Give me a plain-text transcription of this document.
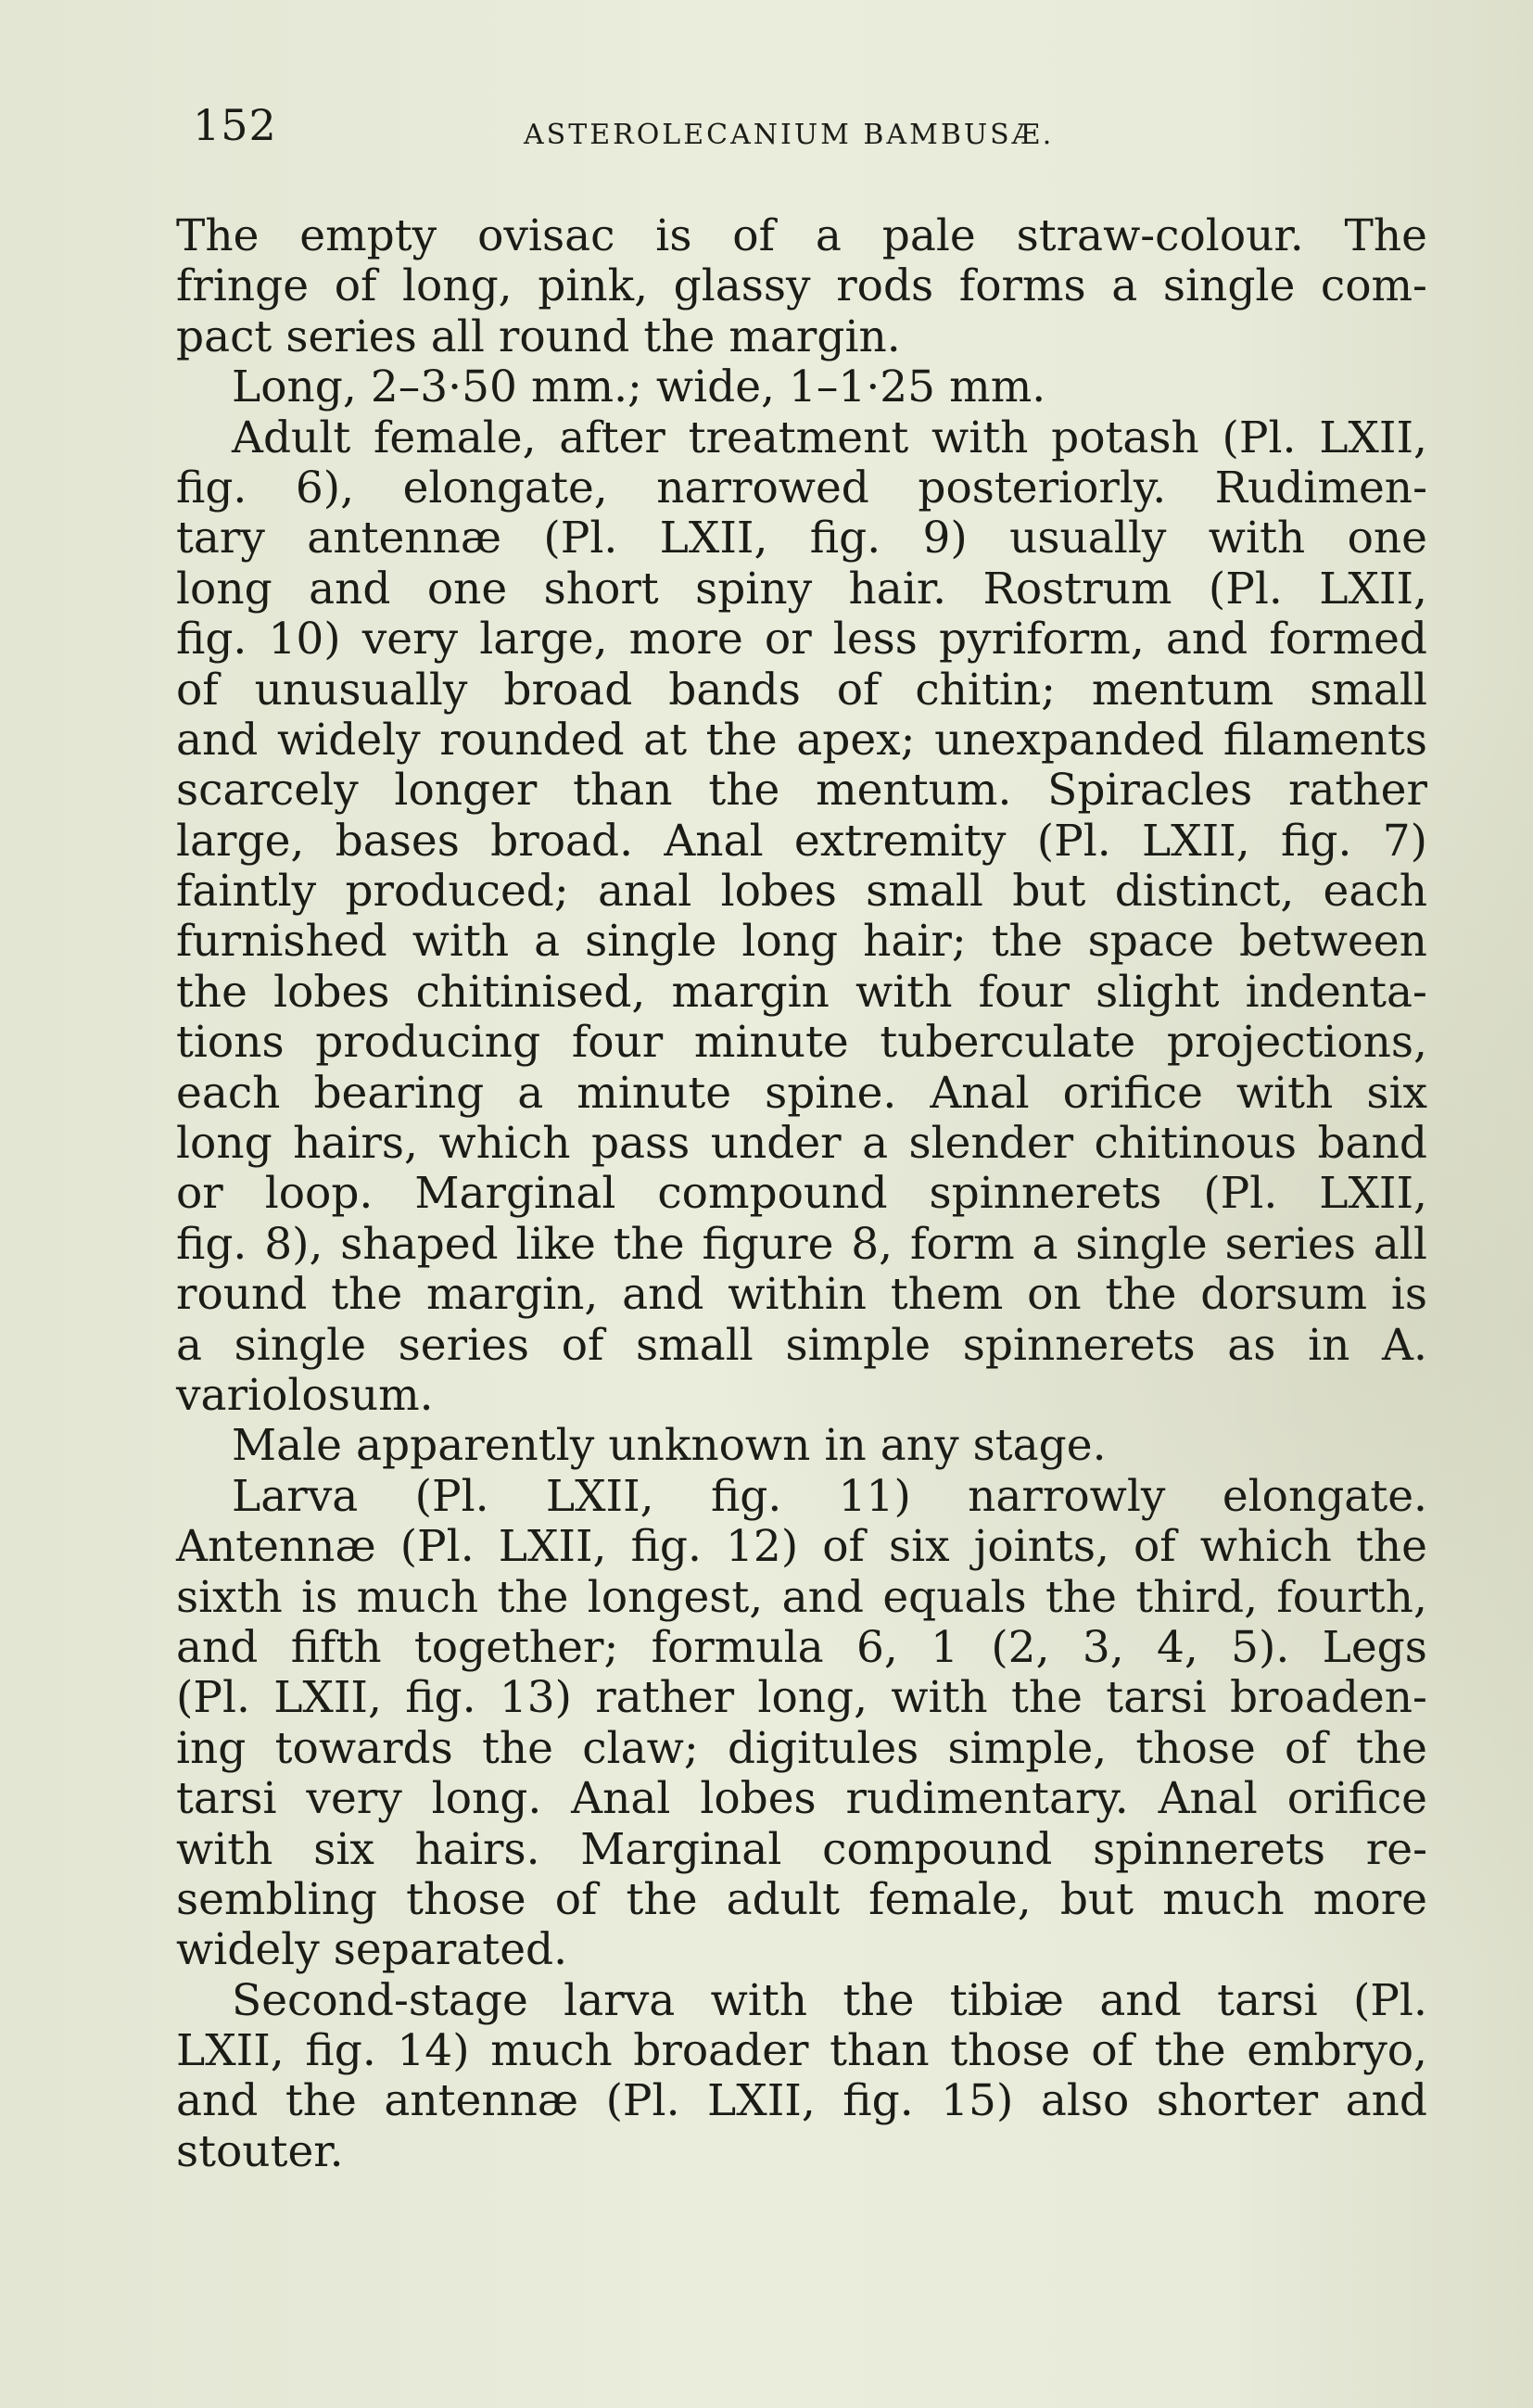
152	ASTEROLECANIUM BAMBUSÆ.
The empty ovisac is of a pale straw-colour. The
fringe of long, pink, glassy rods forms a single com-
pact series all round the margin.
Long, 2–3·50 mm.; wide, 1–1·25 mm.
Adult female, after treatment with potash (Pl. LXII,
fig. 6), elongate, narrowed posteriorly. Rudimen-
tary antennæ (Pl. LXII, fig. 9) usually with one
long and one short spiny hair. Rostrum (Pl. LXII,
fig. 10) very large, more or less pyriform, and formed
of unusually broad bands of chitin; mentum small
and widely rounded at the apex; unexpanded filaments
scarcely longer than the mentum. Spiracles rather
large, bases broad. Anal extremity (Pl. LXII, fig. 7)
faintly produced; anal lobes small but distinct, each
furnished with a single long hair; the space between
the lobes chitinised, margin with four slight indenta-
tions producing four minute tuberculate projections,
each bearing a minute spine. Anal orifice with six
long hairs, which pass under a slender chitinous band
or loop. Marginal compound spinnerets (Pl. LXII,
fig. 8), shaped like the figure 8, form a single series all
round the margin, and within them on the dorsum is
a single series of small simple spinnerets as in A.
variolosum.
Male apparently unknown in any stage.
Larva (Pl. LXII, fig. 11) narrowly elongate.
Antennæ (Pl. LXII, fig. 12) of six joints, of which the
sixth is much the longest, and equals the third, fourth,
and fifth together; formula 6, 1 (2, 3, 4, 5). Legs
(Pl. LXII, fig. 13) rather long, with the tarsi broaden-
ing towards the claw; digitules simple, those of the
tarsi very long. Anal lobes rudimentary. Anal orifice
with six hairs. Marginal compound spinnerets re-
sembling those of the adult female, but much more
widely separated.
Second-stage larva with the tibiæ and tarsi (Pl.
LXII, fig. 14) much broader than those of the embryo,
and the antennæ (Pl. LXII, fig. 15) also shorter and
stouter.
